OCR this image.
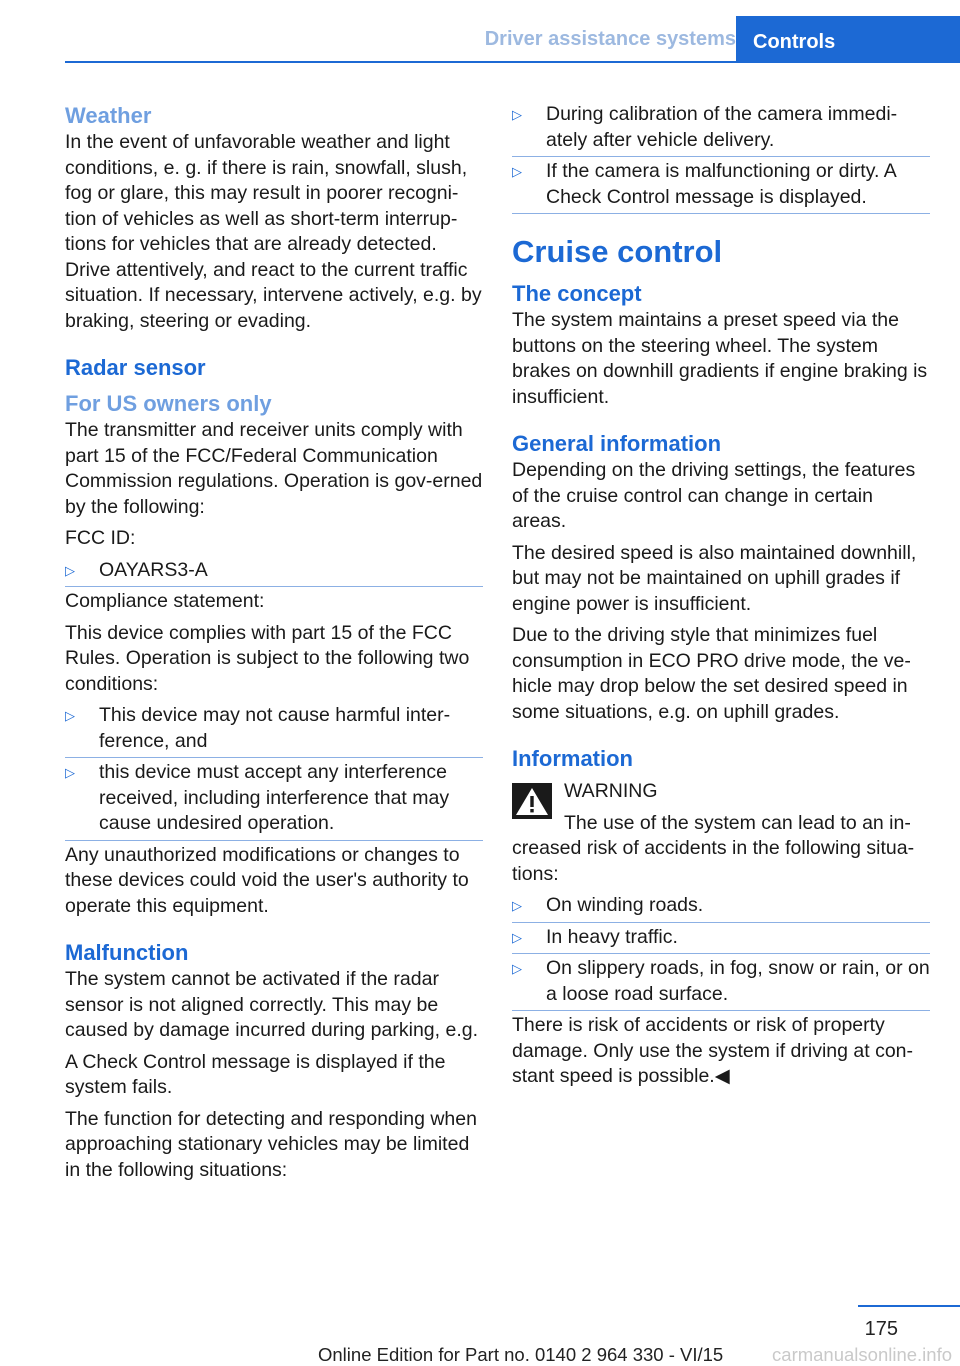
Driver assistance systems Controls
Weather

In the event of unfavorable weather and light conditions, e. g. if there is rain, snowfall, slush, fog or glare, this may result in poorer recogni‐tion of vehicles as well as short-term interrup‐tions for vehicles that are already detected. Drive attentively, and react to the current traffic situation. If necessary, intervene actively, e.g. by braking, steering or evading.

Radar sensor
For US owners only

The transmitter and receiver units comply with part 15 of the FCC/Federal Communication Commission regulations. Operation is gov‐erned by the following:

FCC ID:

▷ OAYARS3-A

Compliance statement:

This device complies with part 15 of the FCC Rules. Operation is subject to the following two conditions:

▷ This device may not cause harmful inter‐ference, and
▷ this device must accept any interference received, including interference that may cause undesired operation.

Any unauthorized modifications or changes to these devices could void the user's authority to operate this equipment.

Malfunction

The system cannot be activated if the radar sensor is not aligned correctly. This may be caused by damage incurred during parking, e.g.

A Check Control message is displayed if the system fails.

The function for detecting and responding when approaching stationary vehicles may be limited in the following situations:

▷ During calibration of the camera immedi‐ately after vehicle delivery.
▷ If the camera is malfunctioning or dirty. A Check Control message is displayed.
Cruise control
The concept

The system maintains a preset speed via the buttons on the steering wheel. The system brakes on downhill gradients if engine braking is insufficient.

General information

Depending on the driving settings, the features of the cruise control can change in certain areas.

The desired speed is also maintained downhill, but may not be maintained on uphill grades if engine power is insufficient.

Due to the driving style that minimizes fuel consumption in ECO PRO drive mode, the ve‐hicle may drop below the set desired speed in some situations, e.g. on uphill grades.

Information
WARNING

The use of the system can lead to an in‐creased risk of accidents in the following situa‐tions:

▷ On winding roads.
▷ In heavy traffic.
▷ On slippery roads, in fog, snow or rain, or on a loose road surface.

There is risk of accidents or risk of property damage. Only use the system if driving at con‐stant speed is possible.◀

175
Online Edition for Part no. 0140 2 964 330 - VI/15	carmanualsonline.info
